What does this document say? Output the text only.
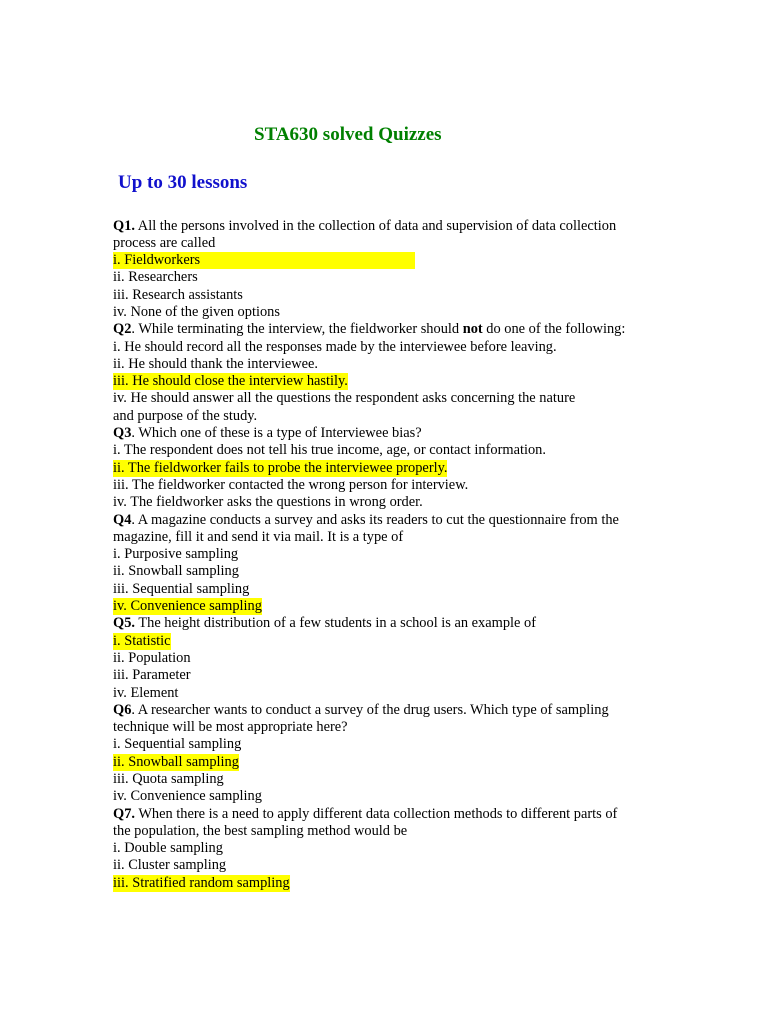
STA630 solved Quizzes
Up to 30 lessons
Q1. All the persons involved in the collection of data and supervision of data collection
process are called
i. Fieldworkers
ii. Researchers
iii. Research assistants
iv. None of the given options
Q2. While terminating the interview, the fieldworker should not do one of the following:
i. He should record all the responses made by the interviewee before leaving.
ii. He should thank the interviewee.
iii. He should close the interview hastily.
iv. He should answer all the questions the respondent asks concerning the nature
and purpose of the study.
Q3. Which one of these is a type of Interviewee bias?
i. The respondent does not tell his true income, age, or contact information.
ii. The fieldworker fails to probe the interviewee properly.
iii. The fieldworker contacted the wrong person for interview.
iv. The fieldworker asks the questions in wrong order.
Q4. A magazine conducts a survey and asks its readers to cut the questionnaire from the
magazine, fill it and send it via mail. It is a type of
i. Purposive sampling
ii. Snowball sampling
iii. Sequential sampling
iv. Convenience sampling
Q5. The height distribution of a few students in a school is an example of
i. Statistic
ii. Population
iii. Parameter
iv. Element
Q6. A researcher wants to conduct a survey of the drug users. Which type of sampling
technique will be most appropriate here?
i. Sequential sampling
ii. Snowball sampling
iii. Quota sampling
iv. Convenience sampling
Q7. When there is a need to apply different data collection methods to different parts of
the population, the best sampling method would be
i. Double sampling
ii. Cluster sampling
iii. Stratified random sampling
